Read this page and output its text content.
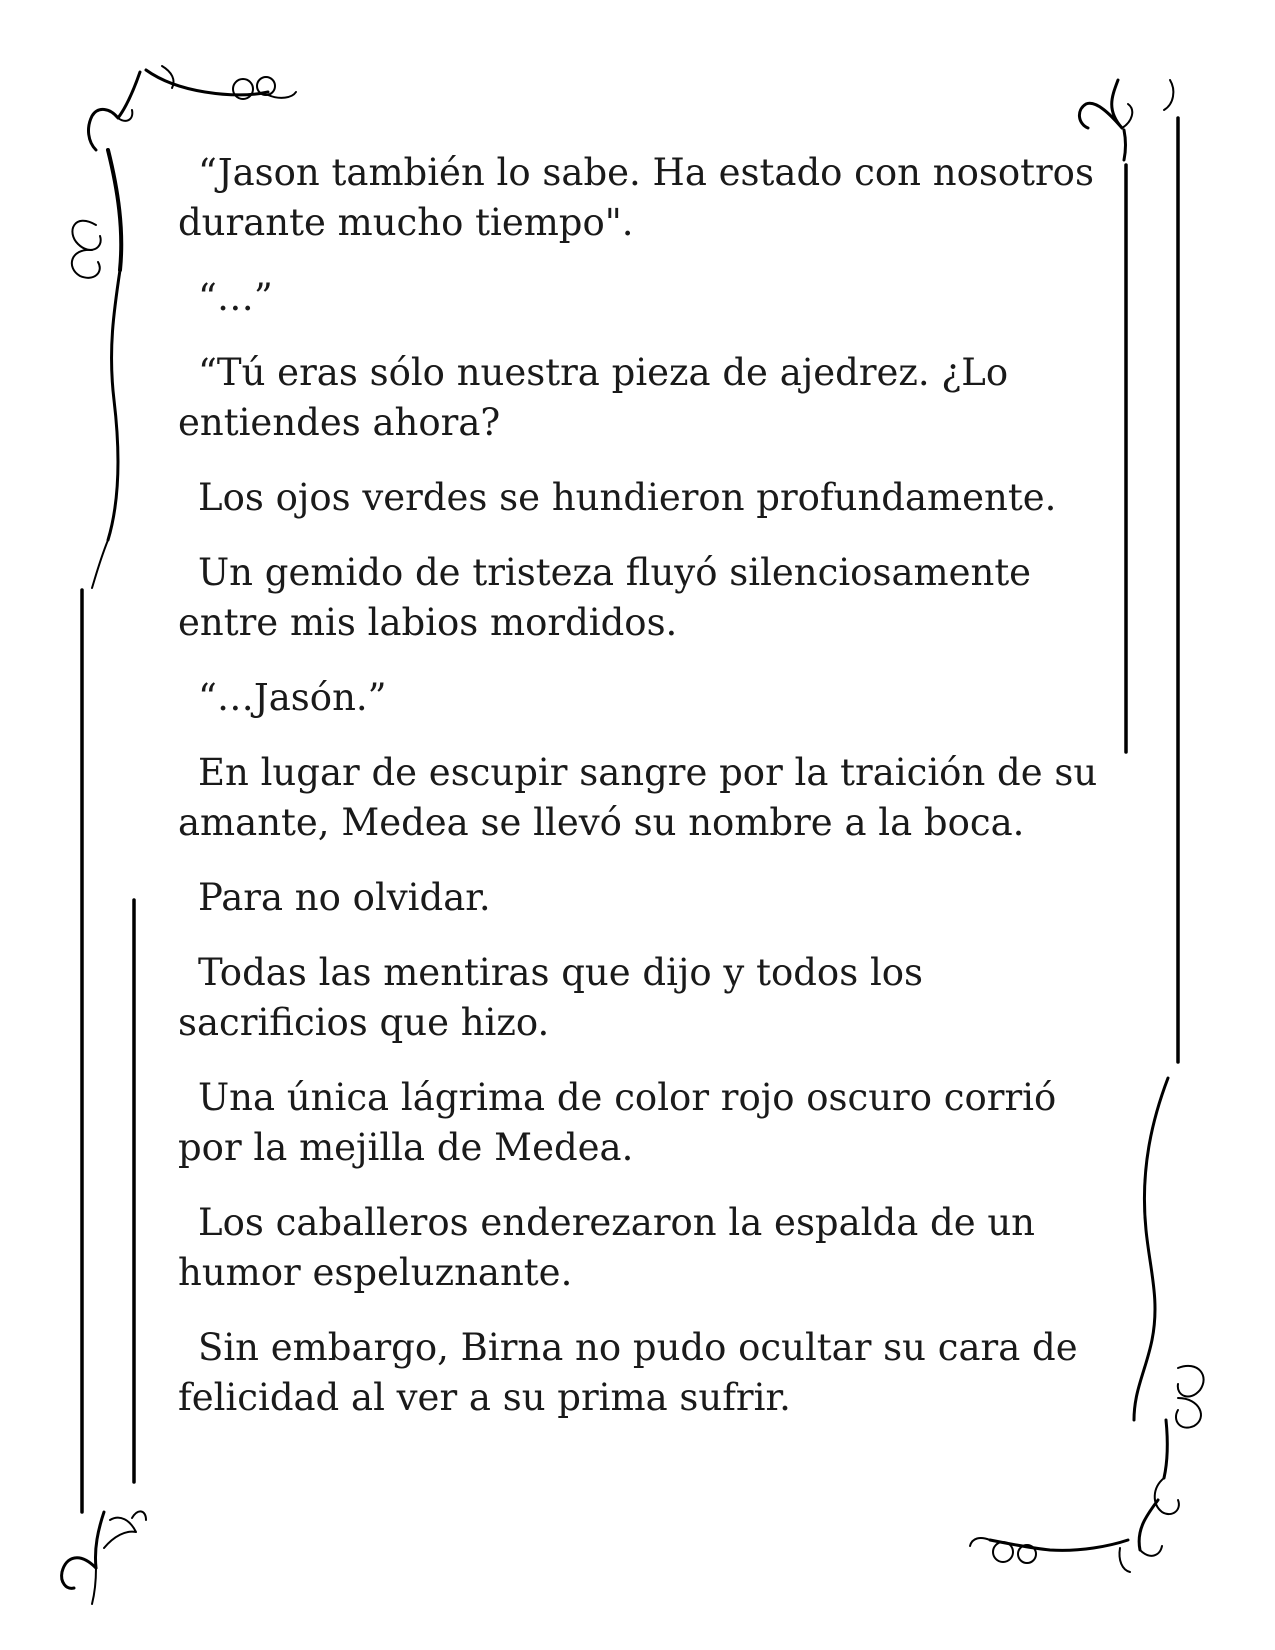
“Jason también lo sabe. Ha estado con nosotros durante mucho tiempo".

“…”

“Tú eras sólo nuestra pieza de ajedrez. ¿Lo entiendes ahora?

Los ojos verdes se hundieron profundamente.

Un gemido de tristeza fluyó silenciosamente entre mis labios mordidos.

“…Jasón.”

En lugar de escupir sangre por la traición de su amante, Medea se llevó su nombre a la boca.

Para no olvidar.

Todas las mentiras que dijo y todos los sacrificios que hizo.

Una única lágrima de color rojo oscuro corrió por la mejilla de Medea.

Los caballeros enderezaron la espalda de un humor espeluznante.

Sin embargo, Birna no pudo ocultar su cara de felicidad al ver a su prima sufrir.
